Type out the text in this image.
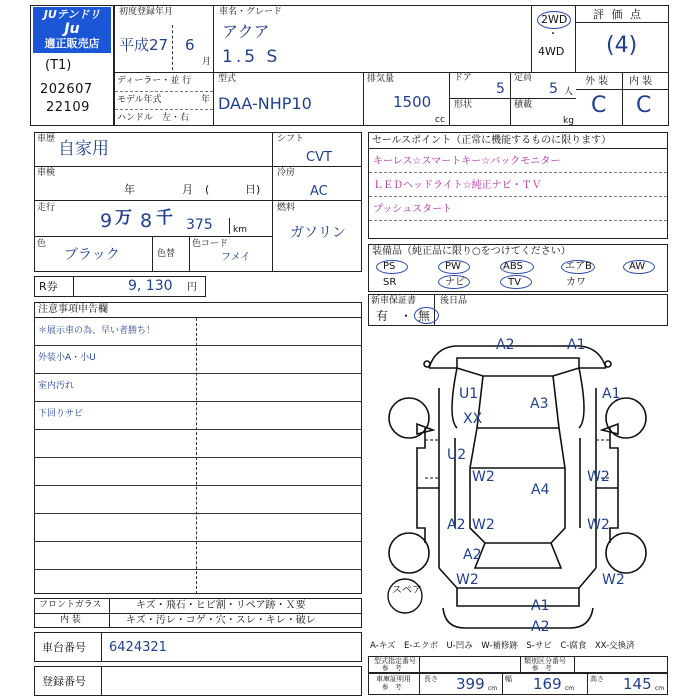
JUテンドリ
Ju
適正販売店
(T1)
202607
22109
初度登録年月
平成27 6
月
車名・グレード
アクア
1.5 S
2WD
・
4WD
評 価 点
(4)
外 装 内 装
C C
ディーラー・並 行
モデル年式	年
ハンドル　左・右
型式
DAA-NHP10
排気量
1500
cc
ドア
5
形状
定員
5 人
積載
kg
車歴 自家用
車検
年	月 (	日)
走行
9 万 8 千 375 km
色
ブラック	色替
色コード
フメイ
シフト
CVT
冷房
AC
燃料
ガソリン
R券	9, 130 円
セールスポイント（正常に機能するものに限ります）
キーレス☆スマートキー☆バックモニター
ＬＥＤヘッドライト☆純正ナビ・ＴＶ
プッシュスタート
装備品（純正品に限り○をつけてください）
PS	PW	ABS	エアB	AW
SR	ナビ	TV	カワ
新車保証書
有　・ 無
後日品
注意事項申告欄
＊展示車の為、早い者勝ち！
外装小A・小U
室内汚れ
下回りサビ
フロントガラス	キズ・飛石・ヒビ割・リペア跡・Ｘ要
内 装	キズ・汚レ・コゲ・穴・スレ・キレ・破レ
車台番号 6424321
登録番号
スペア
A2	A1
U1
XX
A3
A1
U2
W2	W2
A4
A2 W2	W2
A2
W2	W2
A1
A2
A-キズ　E-エクボ　U-凹み　W-補修跡　S-サビ　C-腐食　XX-交換済
型式指定番号
参　考
類別区分番号
参　考
車庫証明用
参　考
長さ 399 cm
幅 169 cm
高さ 145 cm
